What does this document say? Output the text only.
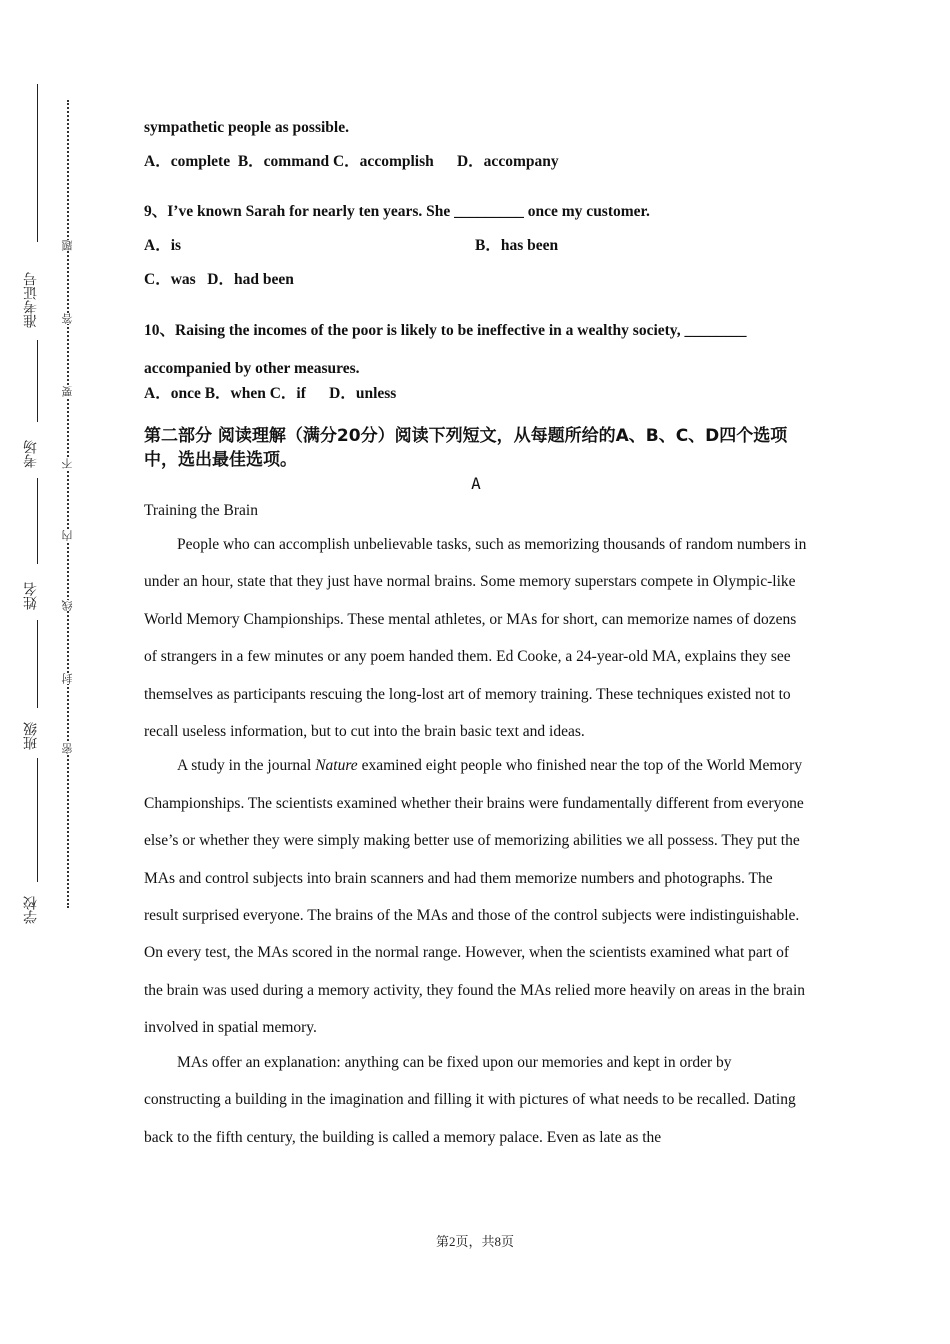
准考证号
考场
姓名
班级
学校
题
答
要
不
内
线
封
密

sympathetic people as possible.

A．complete  B．command C．accomplish      D．accompany

9、I’ve known Sarah for nearly ten years. She _________ once my customer.

A．is	B．has been
C．was   D．had been

10、Raising the incomes of the poor is likely to be ineffective in a wealthy society, ________

accompanied by other measures.

A．once B．when C．if      D．unless

第二部分 阅读理解（满分20分）阅读下列短文，从每题所给的A、B、C、D四个选项中，选出最佳选项。

A

Training the Brain

People who can accomplish unbelievable tasks, such as memorizing thousands of random numbers in under an hour, state that they just have normal brains. Some memory superstars compete in Olympic-like World Memory Championships. These mental athletes, or MAs for short, can memorize names of dozens of strangers in a few minutes or any poem handed them. Ed Cooke, a 24-year-old MA, explains they see themselves as participants rescuing the long-lost art of memory training. These techniques existed not to recall useless information, but to cut into the brain basic text and ideas.

A study in the journal Nature examined eight people who finished near the top of the World Memory Championships. The scientists examined whether their brains were fundamentally different from everyone else’s or whether they were simply making better use of memorizing abilities we all possess. They put the MAs and control subjects into brain scanners and had them memorize numbers and photographs. The result surprised everyone. The brains of the MAs and those of the control subjects were indistinguishable. On every test, the MAs scored in the normal range. However, when the scientists examined what part of the brain was used during a memory activity, they found the MAs relied more heavily on areas in the brain involved in spatial memory.

MAs offer an explanation: anything can be fixed upon our memories and kept in order by constructing a building in the imagination and filling it with pictures of what needs to be recalled. Dating back to the fifth century, the building is called a memory palace. Even as late as the

第2页，共8页
